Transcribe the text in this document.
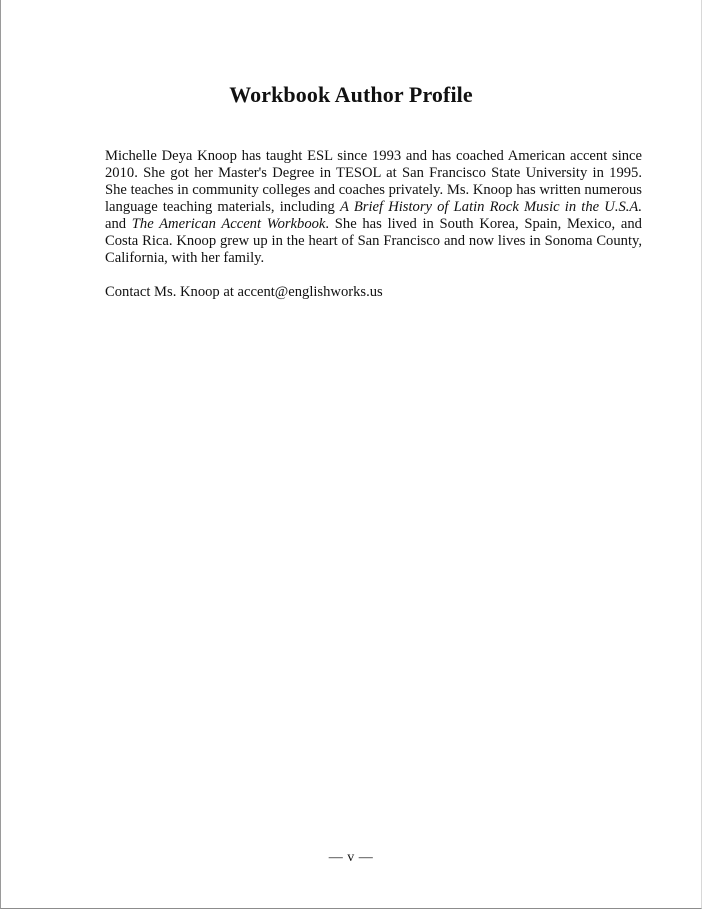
Workbook Author Profile

Michelle Deya Knoop has taught ESL since 1993 and has coached American accent since 2010. She got her Master's Degree in TESOL at San Francisco State University in 1995. She teaches in community colleges and coaches privately. Ms. Knoop has written numerous language teaching materials, including A Brief History of Latin Rock Music in the U.S.A. and The American Accent Workbook. She has lived in South Korea, Spain, Mexico, and Costa Rica. Knoop grew up in the heart of San Francisco and now lives in Sonoma County, California, with her family.

Contact Ms. Knoop at accent@englishworks.us

— v —
